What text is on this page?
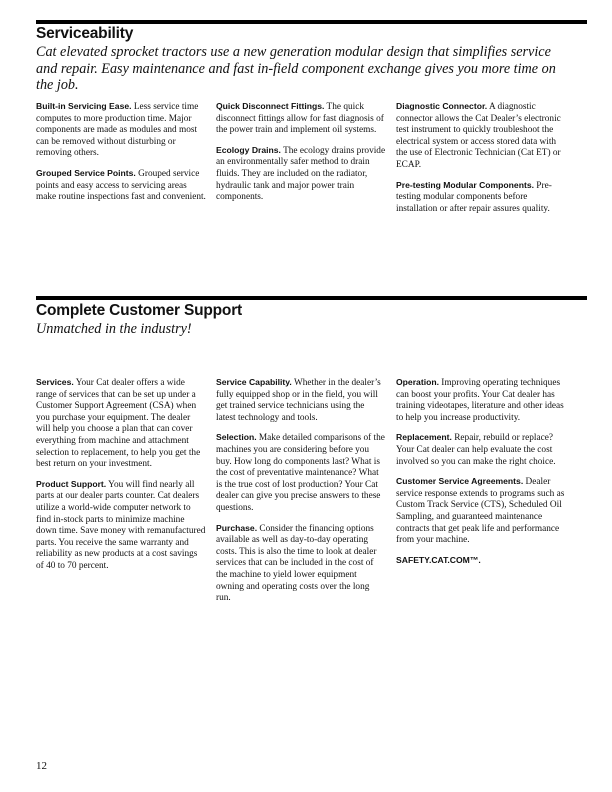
Serviceability

Cat elevated sprocket tractors use a new generation modular design that simplifies service and repair. Easy maintenance and fast in-field component exchange gives you more time on the job.

Built-in Servicing Ease. Less service time computes to more production time. Major components are made as modules and most can be removed without disturbing or removing others.

Grouped Service Points. Grouped service points and easy access to servicing areas make routine inspections fast and convenient.

Quick Disconnect Fittings. The quick disconnect fittings allow for fast diagnosis of the power train and implement oil systems.

Ecology Drains. The ecology drains provide an environmentally safer method to drain fluids. They are included on the radiator, hydraulic tank and major power train components.

Diagnostic Connector. A diagnostic connector allows the Cat Dealer’s electronic test instrument to quickly troubleshoot the electrical system or access stored data with the use of Electronic Technician (Cat ET) or ECAP.

Pre-testing Modular Components. Pre-testing modular components before installation or after repair assures quality.

Complete Customer Support

Unmatched in the industry!

Services. Your Cat dealer offers a wide range of services that can be set up under a Customer Support Agreement (CSA) when you purchase your equipment. The dealer will help you choose a plan that can cover everything from machine and attachment selection to replacement, to help you get the best return on your investment.

Product Support. You will find nearly all parts at our dealer parts counter. Cat dealers utilize a world-wide computer network to find in-stock parts to minimize machine down time. Save money with remanufactured parts. You receive the same warranty and reliability as new products at a cost savings of 40 to 70 percent.

Service Capability. Whether in the dealer’s fully equipped shop or in the field, you will get trained service technicians using the latest technology and tools.

Selection. Make detailed comparisons of the machines you are considering before you buy. How long do components last? What is the cost of preventative maintenance? What is the true cost of lost production? Your Cat dealer can give you precise answers to these questions.

Purchase. Consider the financing options available as well as day-to-day operating costs. This is also the time to look at dealer services that can be included in the cost of the machine to yield lower equipment owning and operating costs over the long run.

Operation. Improving operating techniques can boost your profits. Your Cat dealer has training videotapes, literature and other ideas to help you increase productivity.

Replacement. Repair, rebuild or replace? Your Cat dealer can help evaluate the cost involved so you can make the right choice.

Customer Service Agreements. Dealer service response extends to programs such as Custom Track Service (CTS), Scheduled Oil Sampling, and guaranteed maintenance contracts that get peak life and performance from your machine.

SAFETY.CAT.COM™.

12
